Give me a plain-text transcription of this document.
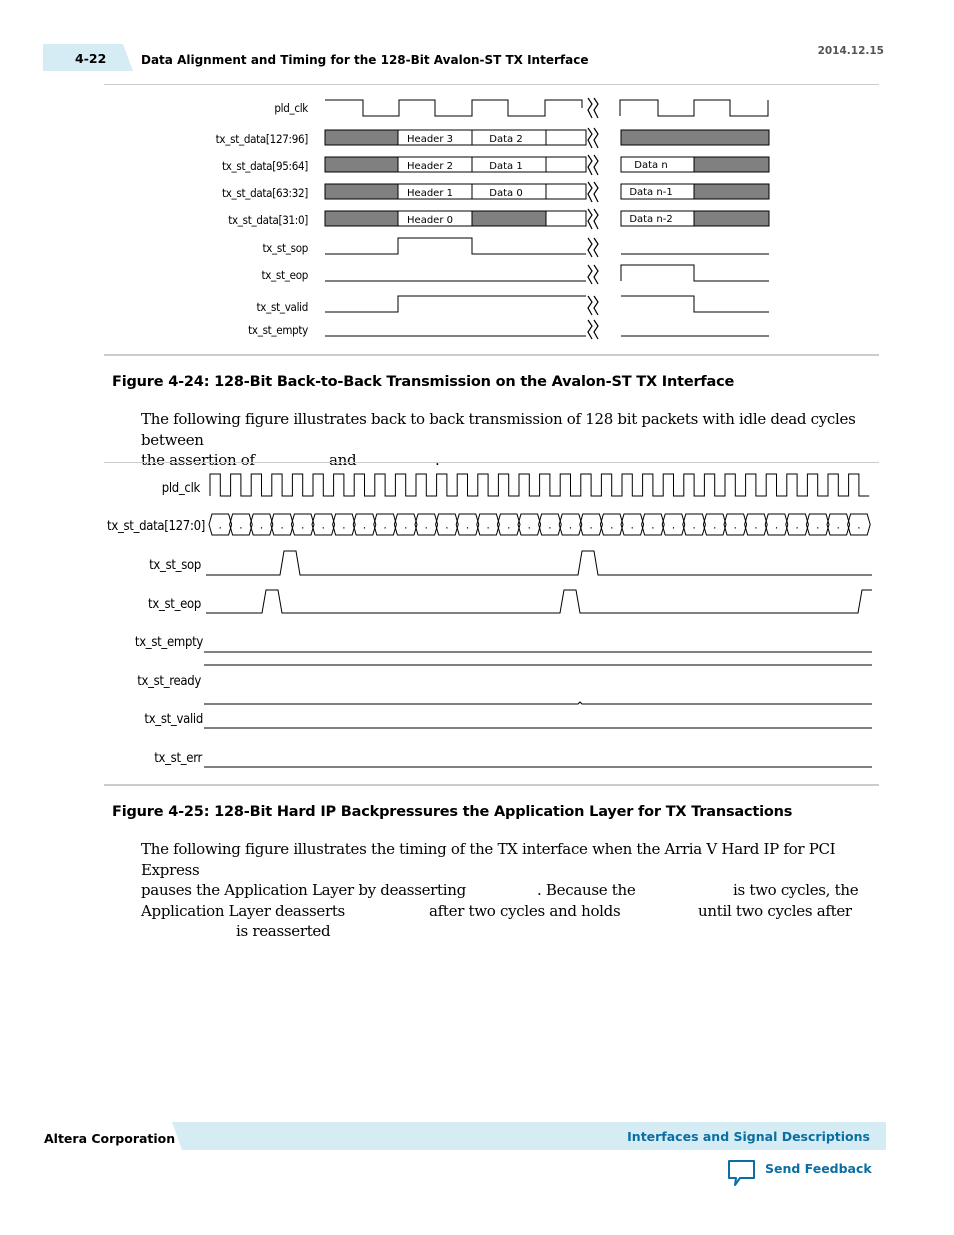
4-22	Data Alignment and Timing for the 128-Bit Avalon-ST TX Interface
2014.12.15
pld_clk
tx_st_data[127:96]
tx_st_data[95:64]
tx_st_data[63:32]
tx_st_data[31:0]
tx_st_sop
tx_st_eop
tx_st_valid
tx_st_empty
Header 3	Data 2
Header 2	Data 1	Data n
Header 1	Data 0	Data n-1
Header 0	Data n-2
Figure 4-24: 128-Bit Back-to-Back Transmission on the Avalon-ST TX Interface
The following figure illustrates back to back transmission of 128 bit packets with idle dead cycles between
the assertion of	and	.
pld_clk
tx_st_data[127:0]
tx_st_sop
tx_st_eop
tx_st_empty
tx_st_ready
tx_st_valid
tx_st_err
. . . . . . . . . . . . . . . . . . . . . . . . . . . . . . . .
Figure 4-25: 128-Bit Hard IP Backpressures the Application Layer for TX Transactions
The following figure illustrates the timing of the TX interface when the Arria V Hard IP for PCI Express
pauses the Application Layer by deasserting	. Because the	is two cycles, the
Application Layer deasserts	after two cycles and holds	until two cycles after
is reasserted
Altera Corporation	Interfaces and Signal Descriptions
Send Feedback
